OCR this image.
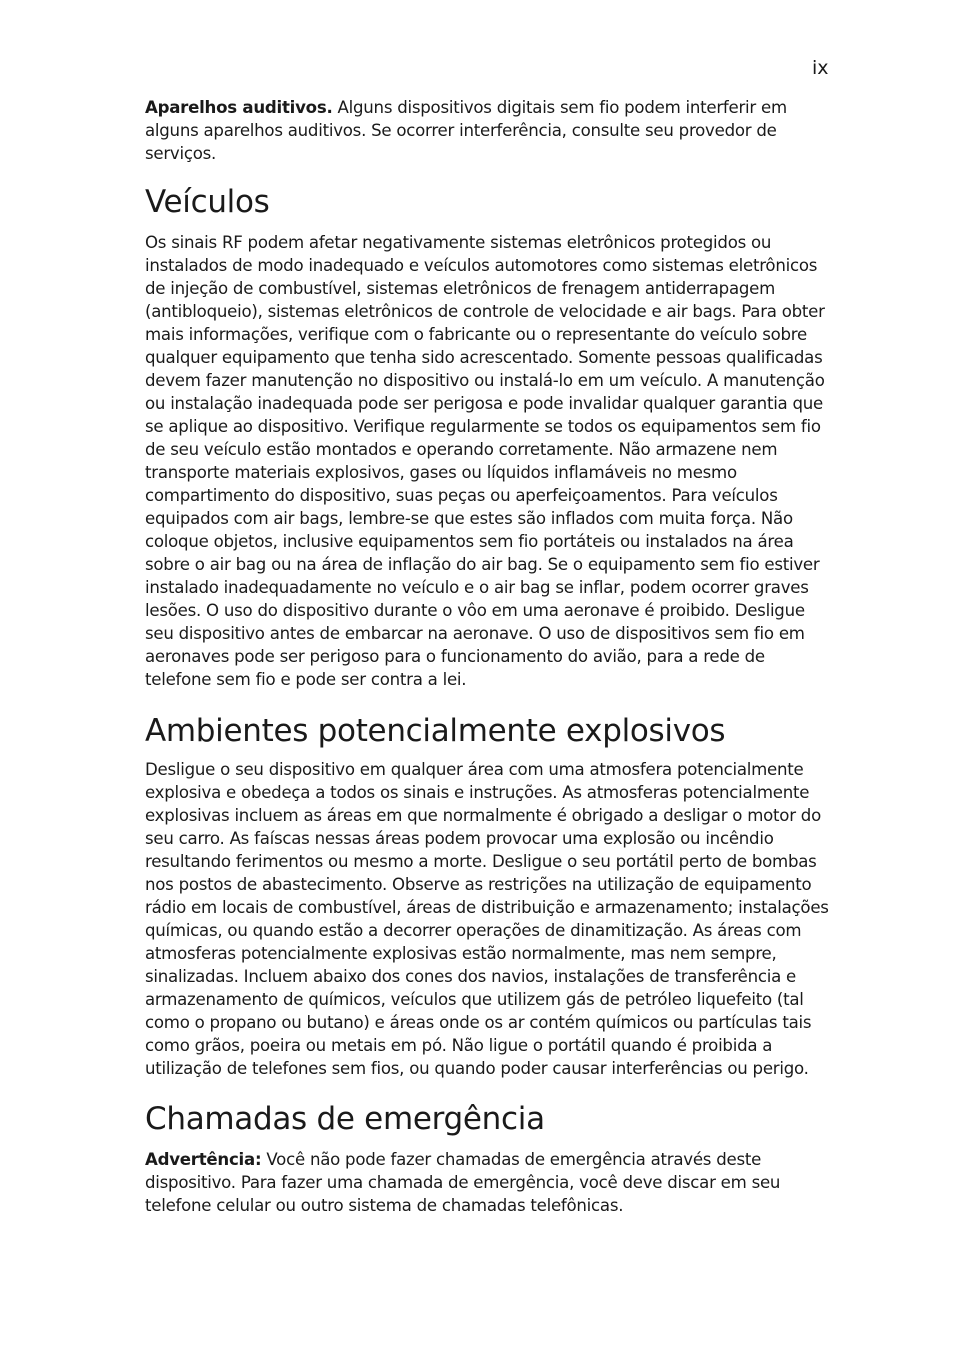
ix

Aparelhos auditivos. Alguns dispositivos digitais sem fio podem interferir em alguns aparelhos auditivos. Se ocorrer interferência, consulte seu provedor de serviços.

Veículos

Os sinais RF podem afetar negativamente sistemas eletrônicos protegidos ou instalados de modo inadequado e veículos automotores como sistemas eletrônicos de injeção de combustível, sistemas eletrônicos de frenagem antiderrapagem (antibloqueio), sistemas eletrônicos de controle de velocidade e air bags. Para obter mais informações, verifique com o fabricante ou o representante do veículo sobre qualquer equipamento que tenha sido acrescentado. Somente pessoas qualificadas devem fazer manutenção no dispositivo ou instalá-lo em um veículo. A manutenção ou instalação inadequada pode ser perigosa e pode invalidar qualquer garantia que se aplique ao dispositivo. Verifique regularmente se todos os equipamentos sem fio de seu veículo estão montados e operando corretamente. Não armazene nem transporte materiais explosivos, gases ou líquidos inflamáveis no mesmo compartimento do dispositivo, suas peças ou aperfeiçoamentos. Para veículos equipados com air bags, lembre-se que estes são inflados com muita força. Não coloque objetos, inclusive equipamentos sem fio portáteis ou instalados na área sobre o air bag ou na área de inflação do air bag. Se o equipamento sem fio estiver instalado inadequadamente no veículo e o air bag se inflar, podem ocorrer graves lesões. O uso do dispositivo durante o vôo em uma aeronave é proibido. Desligue seu dispositivo antes de embarcar na aeronave. O uso de dispositivos sem fio em aeronaves pode ser perigoso para o funcionamento do avião, para a rede de telefone sem fio e pode ser contra a lei.

Ambientes potencialmente explosivos

Desligue o seu dispositivo em qualquer área com uma atmosfera potencialmente explosiva e obedeça a todos os sinais e instruções. As atmosferas potencialmente explosivas incluem as áreas em que normalmente é obrigado a desligar o motor do seu carro. As faíscas nessas áreas podem provocar uma explosão ou incêndio resultando ferimentos ou mesmo a morte. Desligue o seu portátil perto de bombas nos postos de abastecimento. Observe as restrições na utilização de equipamento rádio em locais de combustível, áreas de distribuição e armazenamento; instalações químicas, ou quando estão a decorrer operações de dinamitização. As áreas com atmosferas potencialmente explosivas estão normalmente, mas nem sempre, sinalizadas. Incluem abaixo dos cones dos navios, instalações de transferência e armazenamento de químicos, veículos que utilizem gás de petróleo liquefeito (tal como o propano ou butano) e áreas onde os ar contém químicos ou partículas tais como grãos, poeira ou metais em pó. Não ligue o portátil quando é proibida a utilização de telefones sem fios, ou quando poder causar interferências ou perigo.

Chamadas de emergência

Advertência: Você não pode fazer chamadas de emergência através deste dispositivo. Para fazer uma chamada de emergência, você deve discar em seu telefone celular ou outro sistema de chamadas telefônicas.
